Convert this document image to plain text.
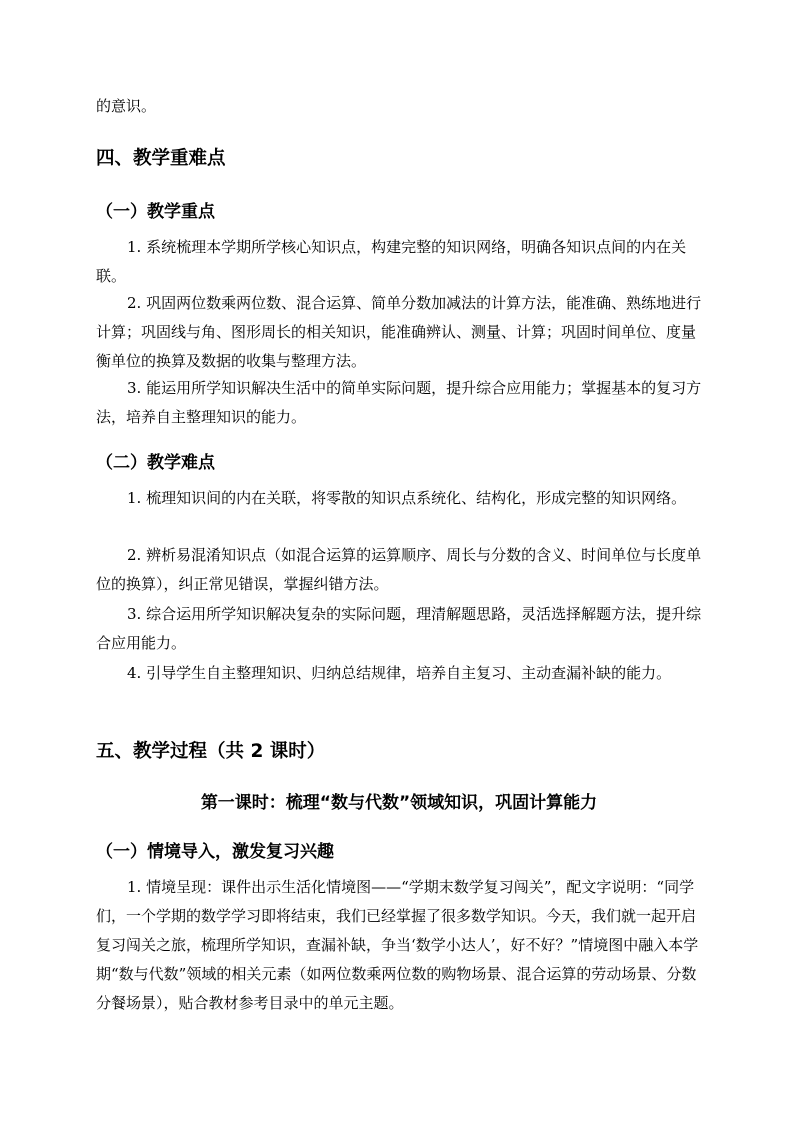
的意识。

四、教学重难点
（一）教学重点

1. 系统梳理本学期所学核心知识点，构建完整的知识网络，明确各知识点间的内在关联。

2. 巩固两位数乘两位数、混合运算、简单分数加减法的计算方法，能准确、熟练地进行计算；巩固线与角、图形周长的相关知识，能准确辨认、测量、计算；巩固时间单位、度量衡单位的换算及数据的收集与整理方法。

3. 能运用所学知识解决生活中的简单实际问题，提升综合应用能力；掌握基本的复习方法，培养自主整理知识的能力。

（二）教学难点

1. 梳理知识间的内在关联，将零散的知识点系统化、结构化，形成完整的知识网络。

2. 辨析易混淆知识点（如混合运算的运算顺序、周长与分数的含义、时间单位与长度单位的换算），纠正常见错误，掌握纠错方法。

3. 综合运用所学知识解决复杂的实际问题，理清解题思路，灵活选择解题方法，提升综合应用能力。

4. 引导学生自主整理知识、归纳总结规律，培养自主复习、主动查漏补缺的能力。

五、教学过程（共 2 课时）
第一课时：梳理“数与代数”领域知识，巩固计算能力
（一）情境导入，激发复习兴趣

1. 情境呈现：课件出示生活化情境图——“学期末数学复习闯关”，配文字说明：“同学们，一个学期的数学学习即将结束，我们已经掌握了很多数学知识。今天，我们就一起开启复习闯关之旅，梳理所学知识，查漏补缺，争当‘数学小达人’，好不好？”情境图中融入本学期“数与代数”领域的相关元素（如两位数乘两位数的购物场景、混合运算的劳动场景、分数分餐场景），贴合教材参考目录中的单元主题。
